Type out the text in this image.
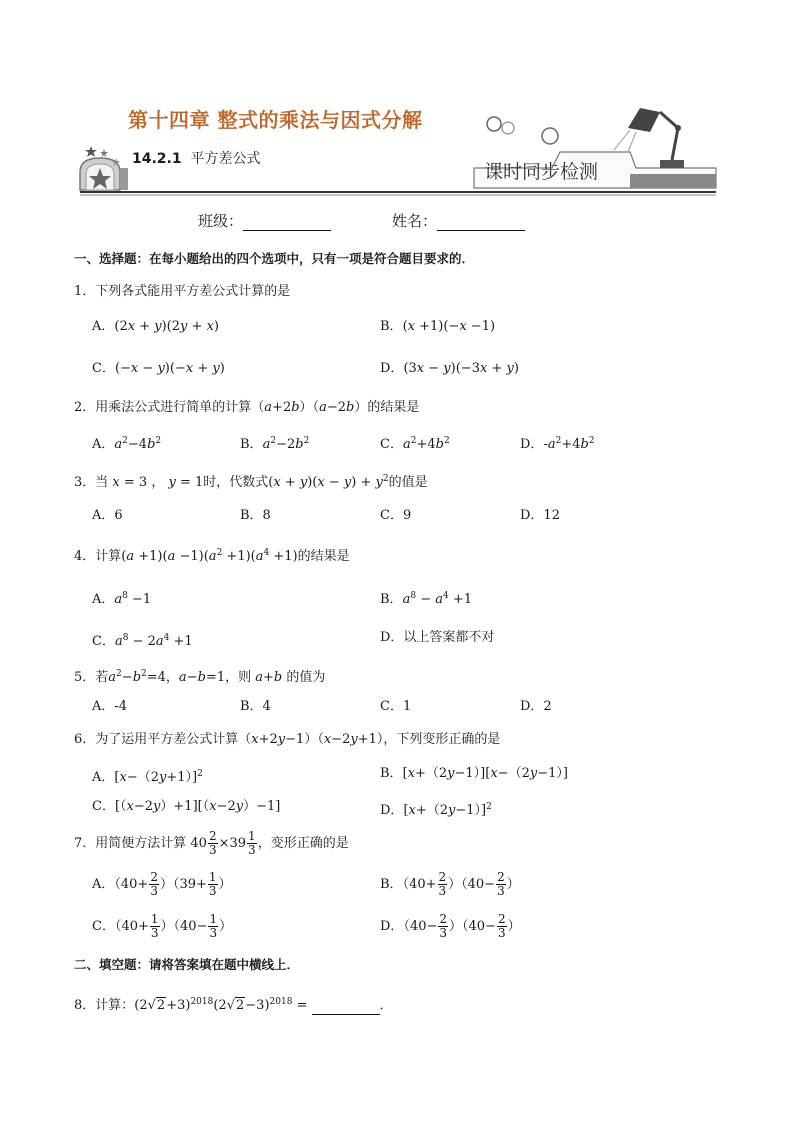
第十四章 整式的乘法与因式分解
14.2.1 平方差公式
课时同步检测
班级：	姓名：
一、选择题：在每小题给出的四个选项中，只有一项是符合题目要求的．
1．下列各式能用平方差公式计算的是
A．(2x + y)(2y + x)	B．(x +1)(−x −1)
C．(−x − y)(−x + y)	D．(3x − y)(−3x + y)
2．用乘法公式进行简单的计算（a+2b）（a−2b）的结果是
A．$a^2-4b^2$	B．$a^2-2b^2$	C．$a^2+4b^2$	D．$-a^2+4b^2$
3．当 x = 3 ， y = 1时，代数式$(x + y)(x - y) + y^2$的值是
A．6	B．8	C．9	D．12
4．计算$(a +1)(a -1)(a^2 +1)(a^4 +1)$的结果是
A．$a^8 -1$	B．$a^8 - a^4 +1$
C．$a^8 - 2a^4 +1$	D．以上答案都不对
5．若$a^2-b^2=4$，a−b=1，则 a+b 的值为
A．-4	B．4	C．1	D．2
6．为了运用平方差公式计算（x+2y−1）（x−2y+1），下列变形正确的是
A．$[x-(2y+1)]^2$	B．[x+（2y−1）][x−（2y−1）]
C．[（x−2y）+1][（x−2y）−1]	D．$[x+(2y-1)]^2$
7．用简便方法计算 $40 \frac{2}{3} \times 39 \frac{1}{3}$ ，变形正确的是
A．$(40+ \frac{2}{3} )(39+ \frac{1}{3}$ ）	B．$(40+ \frac{2}{3} )(40- \frac{2}{3}$ ）
C．$(40+ \frac{1}{3} )(40- \frac{1}{3}$ ）	D．$(40- \frac{2}{3} )(40- \frac{2}{3}$ ）
二、填空题：请将答案填在题中横线上．
8．计算：$(2√2+3)^{2018}(2√2-3)^{2018}$ =	．
